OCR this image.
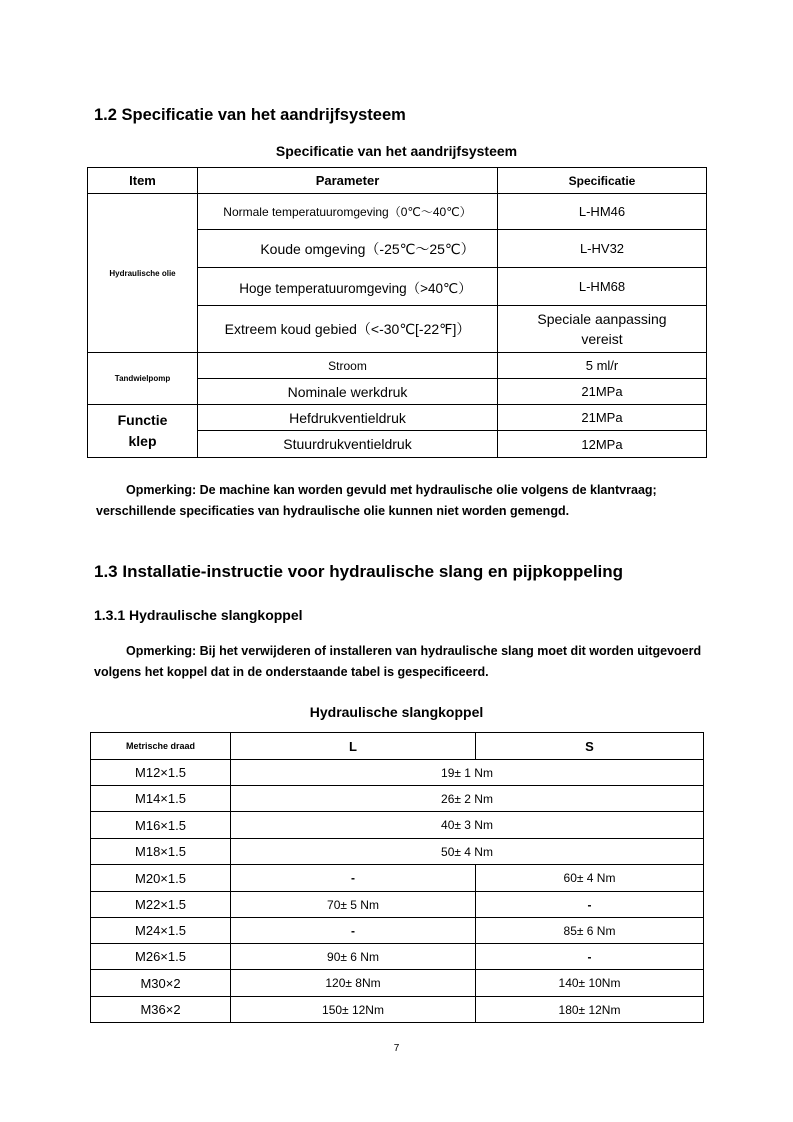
1.2 Specificatie van het aandrijfsysteem
Specificatie van het aandrijfsysteem
Item	Parameter	Specificatie
Hydraulische olie	Normale temperatuuromgeving（0℃～40℃）	L-HM46
	Koude omgeving（-25℃～25℃）	L-HV32
	Hoge temperatuuromgeving（>40℃）	L-HM68
	Extreem koud gebied（<-30℃[-22℉]）	Speciale aanpassing vereist

Tandwielpomp	Stroom	5 ml/r
	Nominale werkdruk	21MPa

Functie klep	Hefdrukventieldruk	21MPa
	Stuurdrukventieldruk	12MPa
Opmerking: De machine kan worden gevuld met hydraulische olie volgens de klantvraag; verschillende specificaties van hydraulische olie kunnen niet worden gemengd.
1.3 Installatie-instructie voor hydraulische slang en pijpkoppeling
1.3.1 Hydraulische slangkoppel
Opmerking: Bij het verwijderen of installeren van hydraulische slang moet dit worden uitgevoerd volgens het koppel dat in de onderstaande tabel is gespecificeerd.
Hydraulische slangkoppel
Metrische draad	L	S
M12×1.5	19± 1 Nm	
M14×1.5	26± 2 Nm	
M16×1.5	40± 3 Nm	
M18×1.5	50± 4 Nm	
M20×1.5	-	60± 4 Nm
M22×1.5	70± 5 Nm	-
M24×1.5	-	85± 6 Nm
M26×1.5	90± 6 Nm	-
M30×2	120± 8Nm	140± 10Nm
M36×2	150± 12Nm	180± 12Nm
7
